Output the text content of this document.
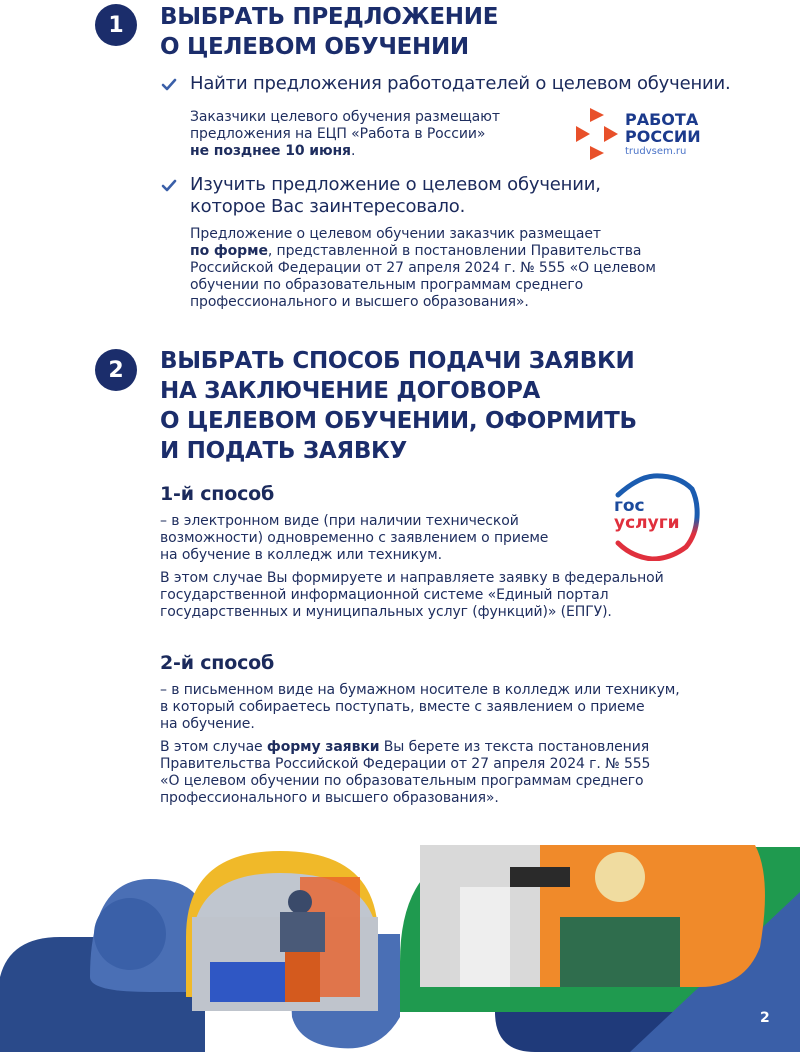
1	ВЫБРАТЬ ПРЕДЛОЖЕНИЕ
О ЦЕЛЕВОМ ОБУЧЕНИИ
Найти предложения работодателей о целевом обучении.
Заказчики целевого обучения размещают
предложения на ЕЦП «Работа в России»
не позднее 10 июня.
РАБОТА
РОССИИ
trudvsem.ru
Изучить предложение о целевом обучении,
которое Вас заинтересовало.
Предложение о целевом обучении заказчик размещает
по форме, представленной в постановлении Правительства
Российской Федерации от 27 апреля 2024 г. № 555 «О целевом
обучении по образовательным программам среднего
профессионального и высшего образования».
2	ВЫБРАТЬ СПОСОБ ПОДАЧИ ЗАЯВКИ
НА ЗАКЛЮЧЕНИЕ ДОГОВОРА
О ЦЕЛЕВОМ ОБУЧЕНИИ, ОФОРМИТЬ
И ПОДАТЬ ЗАЯВКУ
1-й способ
– в электронном виде (при наличии технической
возможности) одновременно с заявлением о приеме
на обучение в колледж или техникум.
В этом случае Вы формируете и направляете заявку в федеральной
государственной информационной системе «Единый портал
государственных и муниципальных услуг (функций)» (ЕПГУ).
гос
услуги
2-й способ
– в письменном виде на бумажном носителе в колледж или техникум,
в который собираетесь поступать, вместе с заявлением о приеме
на обучение.
В этом случае форму заявки Вы берете из текста постановления
Правительства Российской Федерации от 27 апреля 2024 г. № 555
«О целевом обучении по образовательным программам среднего
профессионального и высшего образования».
2
